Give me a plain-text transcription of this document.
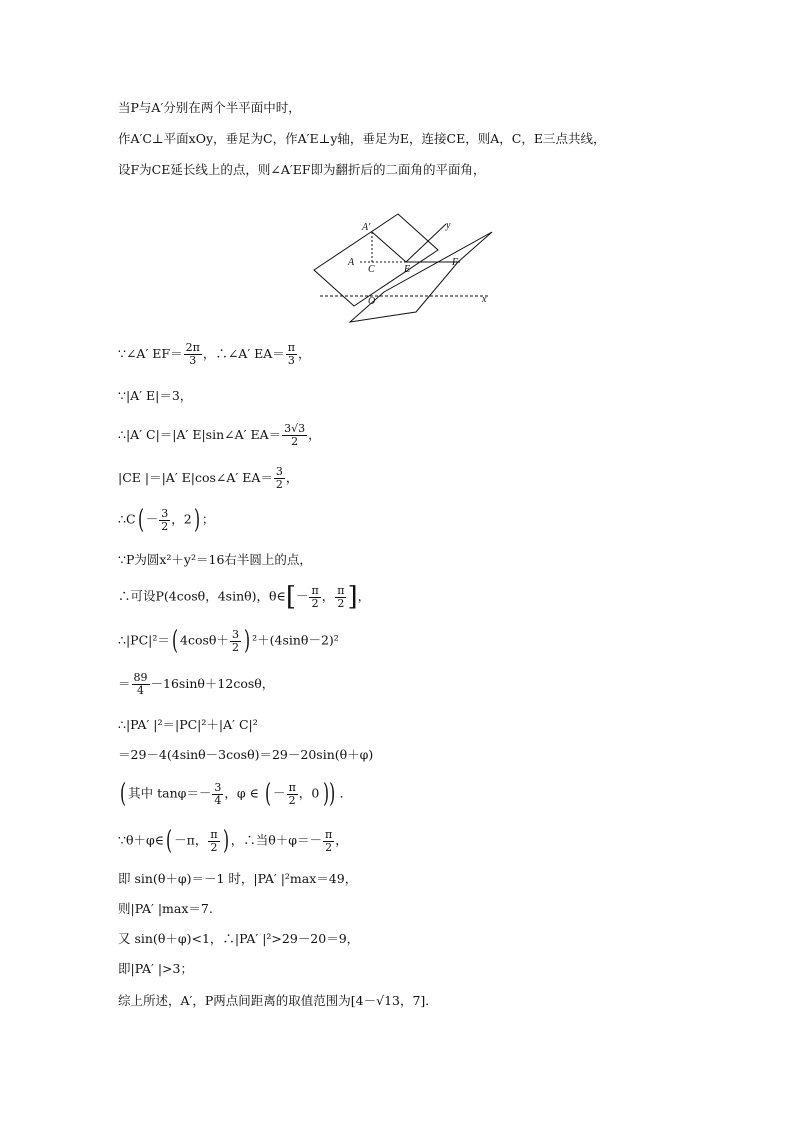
当P与A′分别在两个半平面中时，
作A′C⊥平面xOy，垂足为C，作A′E⊥y轴，垂足为E，连接CE，则A，C，E三点共线，
设F为CE延长线上的点，则∠A′EF即为翻折后的二面角的平面角，
A′
A
C	E
F
O	x
y
∵∠A′ $EF= \frac{2\pi}{3}$ ，∴∠A′ $EA= \frac{\pi}{3}$ ，
∵|A′ E|＝3，
∴|A′ C|＝|A′ E|sin∠A′ $EA= \frac{3√3}{2}$ ，
|CE |＝|A′ E|cos∠A′ $EA= \frac{3}{2}$ ，
∴C( － $\frac{3}{2}$ ，2) ；
∵P为圆x²＋y²＝16右半圆上的点，
∴可设P(4cosθ，4sinθ)，θ∈[－ $\frac{\pi}{2}$ ， $\frac{\pi}{2}$ ]，
∴|PC|²＝( $4\cos\theta+ \frac{3}{2}$ ) ²＋(4sinθ－2)²
＝ $\frac{89}{4} -16\sin\theta+12\cos\theta$，
∴|PA′ |²＝|PC|²＋|A′ C|²
＝29－4(4sinθ－3cosθ)＝29－20sin(θ＋φ)
( 其中 $\tan\varphi=- \frac{3}{4}$ ，φ ∈ ( － $\frac{\pi}{2}$ ，0 )) ．
∵θ＋φ∈( －π， $\frac{\pi}{2}$ ) ，∴当$\theta+\varphi=- \frac{\pi}{2}$ ，
即 sin(θ＋φ)＝－1 时，|PA′ |²max＝49，
则|PA′ |max＝7.
又 sin(θ＋φ)<1，∴|PA′ |²>29－20＝9，
即|PA′ |>3；
综上所述，A′，P两点间距离的取值范围为[4－√13，7]．
